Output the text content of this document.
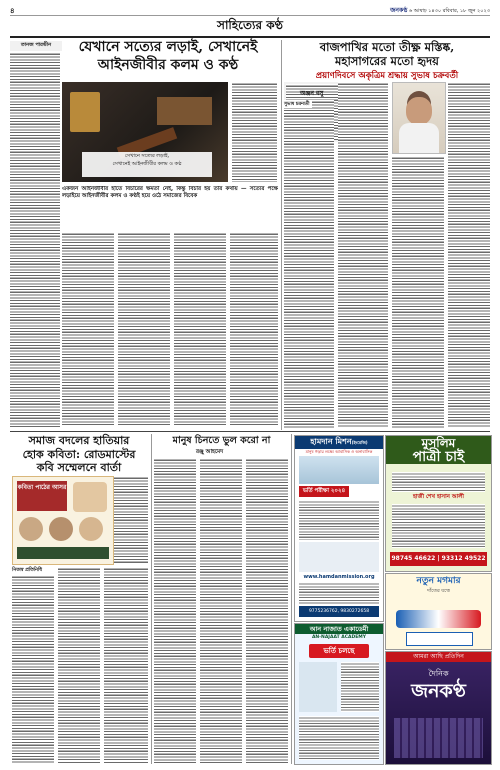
৪	জনকণ্ঠ ৬ আষাঢ় ১৪৩০ রবিবার, ১৮ জুন ২০২৩
সাহিত্যের কণ্ঠ
তানজ পারভীন	যেখানে সত্যের লড়াই, সেখানেই আইনজীবীর কলম ও কণ্ঠ
সেখানে সত্যের লড়াই,
সেখানেই আইনজীবীর কলম ও কণ্ঠ
একজন আইনজীবীর হাতে বিচারের ক্ষমতা নেই, কিন্তু বিচার হয় তার কথায় — সত্যের পক্ষে লড়াইয়ে আইনজীবীর কলম ও কণ্ঠই হয়ে ওঠে সমাজের বিবেক
বাজপাখির মতো তীক্ষ্ণ মস্তিষ্ক,
মহাসাগরের মতো হৃদয়
প্রয়াণদিবসে অকৃত্রিম শ্রদ্ধায় সুভাষ চক্রবর্তী
অঞ্জন বসু
সুভাষ চক্রবর্তী
সমাজ বদলের হাতিয়ার
হোক কবিতা: রোডমাস্টের
কবি সম্মেলনে বার্তা
কবিতা পাঠের আসর
নিজস্ব প্রতিনিধি
মানুষ চিনতে ভুল করো না
রঞ্জু আহমেদ
হামদান মিশন(ইংরেজি)
মানুষ গড়ার লক্ষ্যে আবাসিক ও অনাবাসিক
ভর্তি পরীক্ষা ২০২৪
www.hamdanmission.org
9775236762, 9830272658
মুসলিম
পাত্রী চাই
হাজী শেখ হাসান আলী
98745 46622 | 93312 49522
আন নাজাত একাডেমী
AN-NAJAAT ACADEMY
ভর্তি চলছে
নতুন মগমার
দাঁতের যত্নে
আমরা আছি প্রতিদিন
দৈনিক
জনকণ্ঠ
